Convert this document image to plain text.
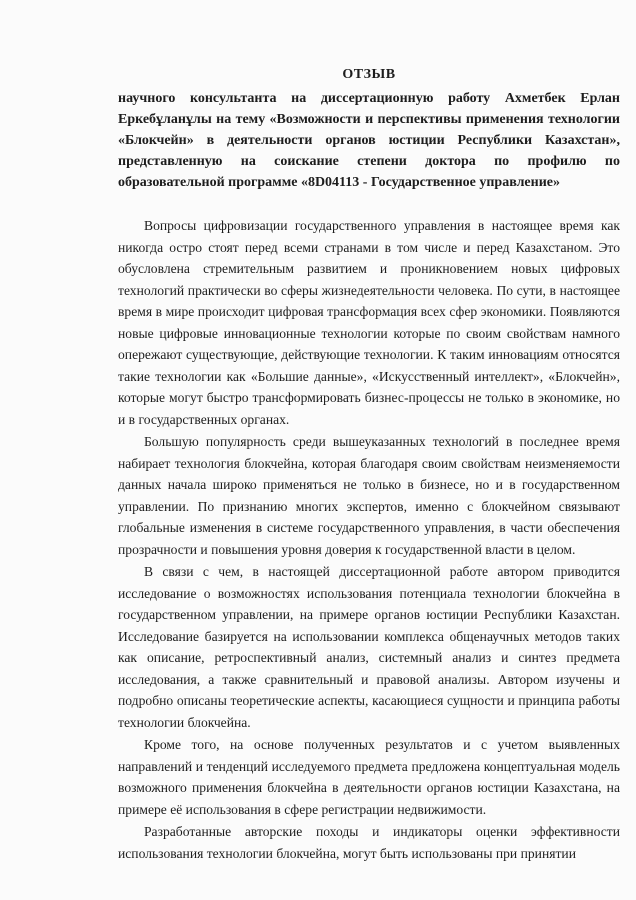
ОТЗЫВ
научного консультанта на диссертационную работу Ахметбек Ерлан Еркебұланұлы на тему «Возможности и перспективы применения технологии «Блокчейн» в деятельности органов юстиции Республики Казахстан», представленную на соискание степени доктора по профилю по образовательной программе «8D04113 - Государственное управление»

Вопросы цифровизации государственного управления в настоящее время как никогда остро стоят перед всеми странами в том числе и перед Казахстаном. Это обусловлена стремительным развитием и проникновением новых цифровых технологий практически во сферы жизнедеятельности человека. По сути, в настоящее время в мире происходит цифровая трансформация всех сфер экономики. Появляются новые цифровые инновационные технологии которые по своим свойствам намного опережают существующие, действующие технологии. К таким инновациям относятся такие технологии как «Большие данные», «Искусственный интеллект», «Блокчейн», которые могут быстро трансформировать бизнес-процессы не только в экономике, но и в государственных органах.

Большую популярность среди вышеуказанных технологий в последнее время набирает технология блокчейна, которая благодаря своим свойствам неизменяемости данных начала широко применяться не только в бизнесе, но и в государственном управлении. По признанию многих экспертов, именно с блокчейном связывают глобальные изменения в системе государственного управления, в части обеспечения прозрачности и повышения уровня доверия к государственной власти в целом.

В связи с чем, в настоящей диссертационной работе автором приводится исследование о возможностях использования потенциала технологии блокчейна в государственном управлении, на примере органов юстиции Республики Казахстан. Исследование базируется на использовании комплекса общенаучных методов таких как описание, ретроспективный анализ, системный анализ и синтез предмета исследования, а также сравнительный и правовой анализы. Автором изучены и подробно описаны теоретические аспекты, касающиеся сущности и принципа работы технологии блокчейна.

Кроме того, на основе полученных результатов и с учетом выявленных направлений и тенденций исследуемого предмета предложена концептуальная модель возможного применения блокчейна в деятельности органов юстиции Казахстана, на примере её использования в сфере регистрации недвижимости.

Разработанные авторские походы и индикаторы оценки эффективности использования технологии блокчейна, могут быть использованы при принятии
